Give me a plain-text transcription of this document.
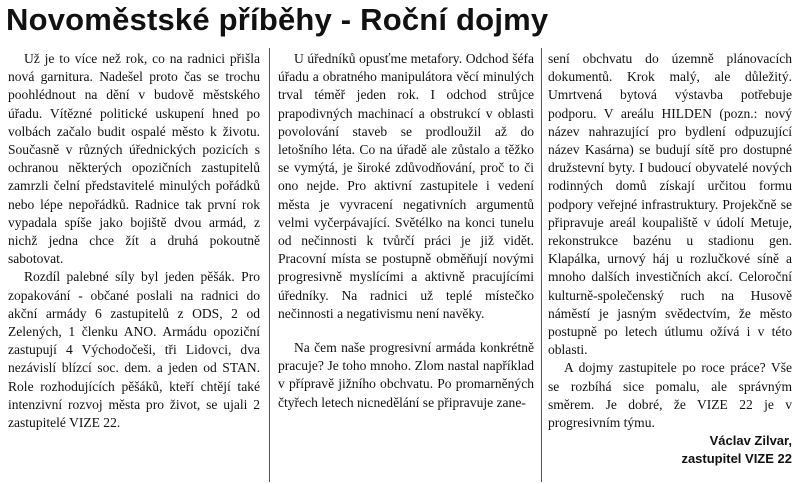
Novoměstské příběhy - Roční dojmy

Už je to více než rok, co na radnici přišla nová garnitura. Nadešel proto čas se trochu poohlédnout na dění v budově městského úřadu. Vítězné politické uskupení hned po volbách začalo budit ospalé město k životu. Současně v různých úřednických pozicích s ochranou některých opozičních zastupitelů zamrzli čelní představitelé minulých pořádků nebo lépe nepořádků. Radnice tak první rok vypadala spíše jako bojiště dvou armád, z nichž jedna chce žít a druhá pokoutně sabotovat.

Rozdíl palebné síly byl jeden pěšák. Pro zopakování - občané poslali na radnici do akční armády 6 zastupitelů z ODS, 2 od Zelených, 1 členku ANO. Armádu opoziční zastupují 4 Východočeši, tři Lidovci, dva nezávislí blízcí soc. dem. a jeden od STAN. Role rozhodujících pěšáků, kteří chtějí také intenzivní rozvoj města pro život, se ujali 2 zastupitelé VIZE 22.

U úředníků opusťme metafory. Odchod šéfa úřadu a obratného manipulátora věcí minulých trval téměř jeden rok. I odchod strůjce prapodivných machinací a obstrukcí v oblasti povolování staveb se prodloužil až do letošního léta. Co na úřadě ale zůstalo a těžko se vymýtá, je široké zdůvodňování, proč to či ono nejde. Pro aktivní zastupitele i vedení města je vyvracení negativních argumentů velmi vyčerpávající. Světélko na konci tunelu od nečinnosti k tvůrčí práci je již vidět. Pracovní místa se postupně obměňují novými progresivně myslícími a aktivně pracujícími úředníky. Na radnici už teplé místečko nečinnosti a negativismu není navěky.

Na čem naše progresivní armáda konkrétně pracuje? Je toho mnoho. Zlom nastal například v přípravě jižního obchvatu. Po promarněných čtyřech letech nicnedělání se připravuje zane-

sení obchvatu do územně plánovacích dokumentů. Krok malý, ale důležitý. Umrtvená bytová výstavba potřebuje podporu. V areálu HILDEN (pozn.: nový název nahrazující pro bydlení odpuzující název Kasárna) se budují sítě pro dostupné družstevní byty. I budoucí obyvatelé nových rodinných domů získají určitou formu podpory veřejné infrastruktury. Projekčně se připravuje areál koupaliště v údolí Metuje, rekonstrukce bazénu u stadionu gen. Klapálka, urnový háj u rozlučkové síně a mnoho dalších investičních akcí. Celoroční kulturně-společenský ruch na Husově náměstí je jasným svědectvím, že město postupně po letech útlumu ožívá i v této oblasti.

A dojmy zastupitele po roce práce? Vše se rozbíhá sice pomalu, ale správným směrem. Je dobré, že VIZE 22 je v progresivním týmu.

Václav Zilvar,
zastupitel VIZE 22
